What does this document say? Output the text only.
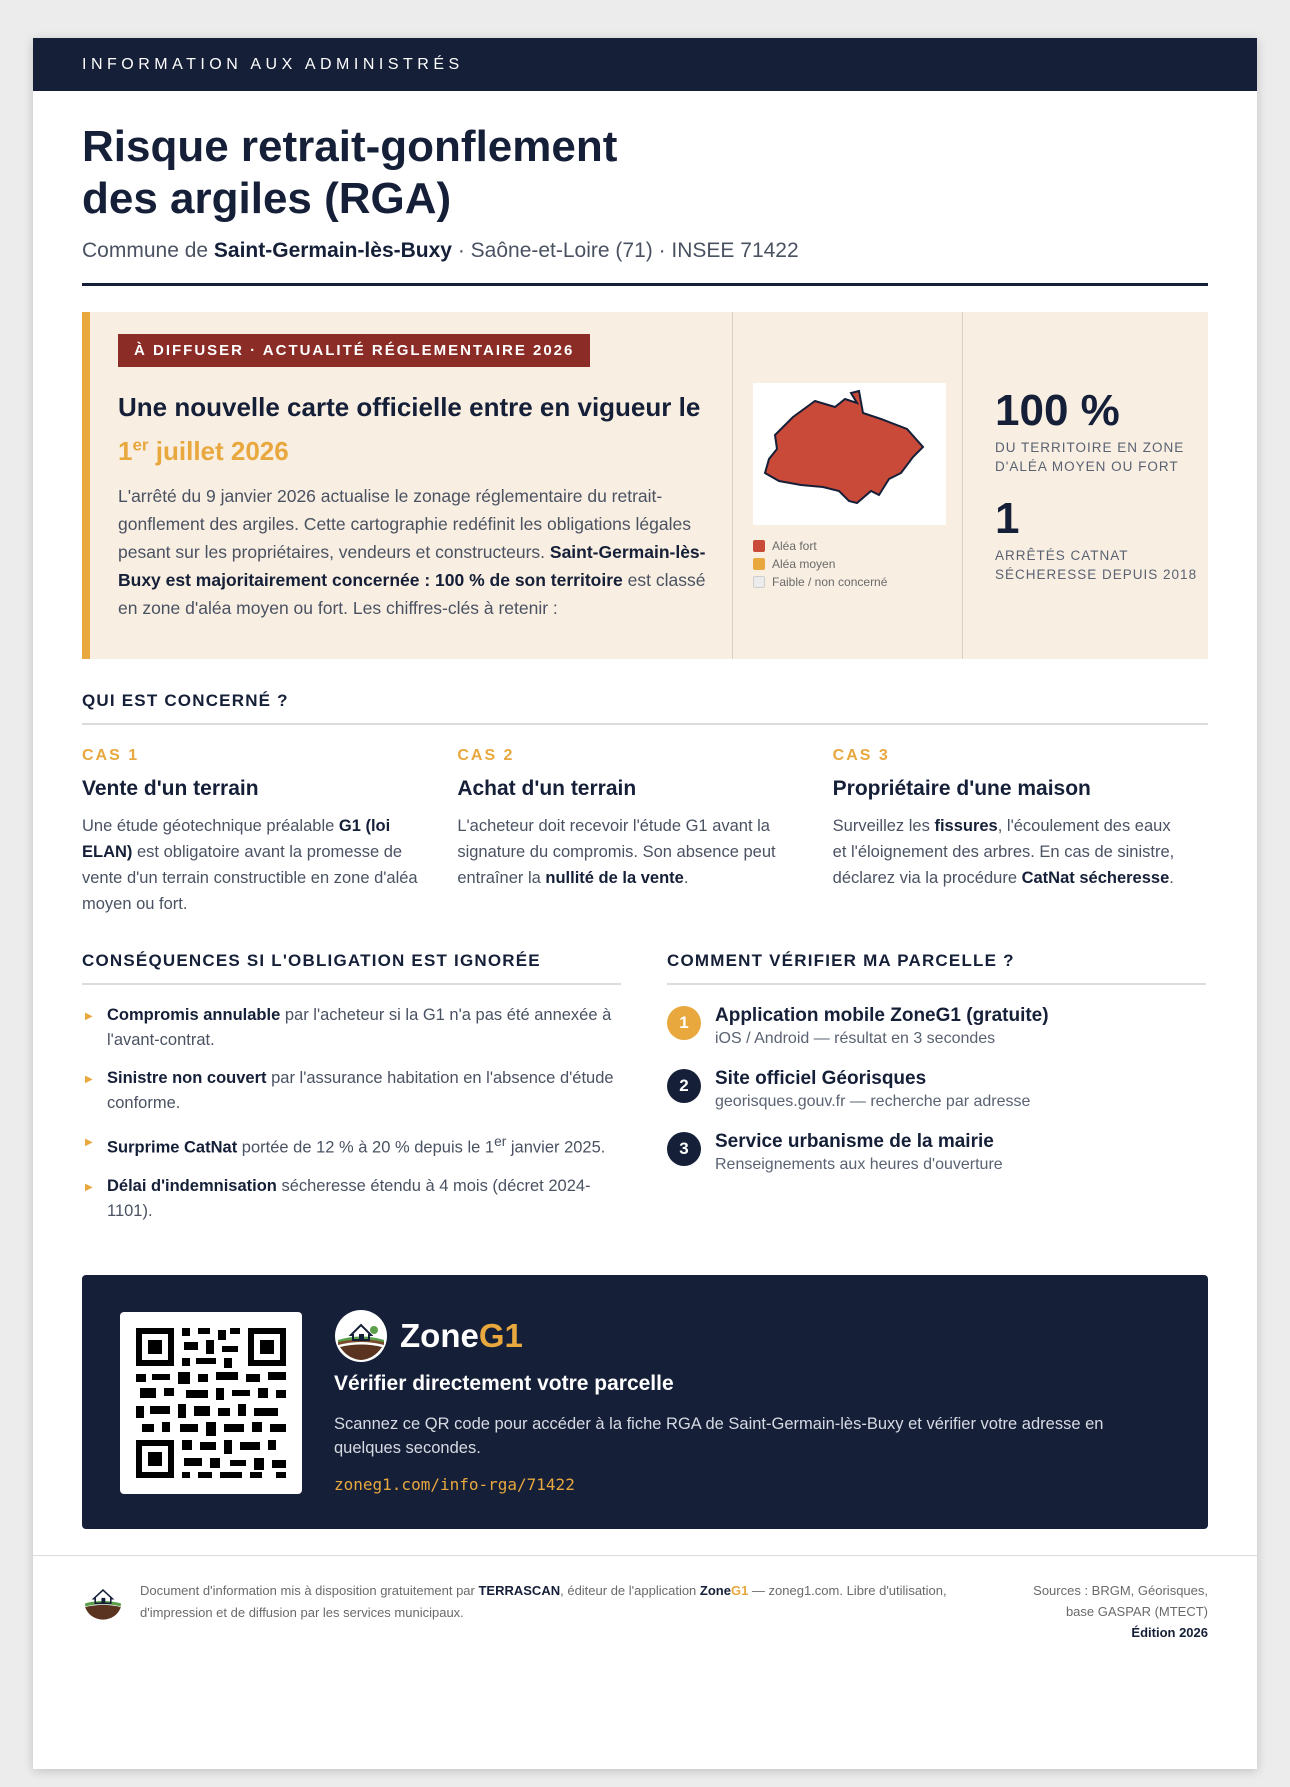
INFORMATION AUX ADMINISTRÉS
Risque retrait-gonflement des argiles (RGA)
Commune de Saint-Germain-lès-Buxy · Saône-et-Loire (71) · INSEE 71422
À DIFFUSER · ACTUALITÉ RÉGLEMENTAIRE 2026
Une nouvelle carte officielle entre en vigueur le 1er juillet 2026

L'arrêté du 9 janvier 2026 actualise le zonage réglementaire du retrait-gonflement des argiles. Cette cartographie redéfinit les obligations légales pesant sur les propriétaires, vendeurs et constructeurs. Saint-Germain-lès-Buxy est majoritairement concernée : 100 % de son territoire est classé en zone d'aléa moyen ou fort. Les chiffres-clés à retenir :

Aléa fort
Aléa moyen
Faible / non concerné
100 %
DU TERRITOIRE EN ZONE
D'ALÉA MOYEN OU FORT
1
ARRÊTÉS CATNAT
SÉCHERESSE DEPUIS 2018
QUI EST CONCERNÉ ?
CAS 1
Vente d'un terrain

Une étude géotechnique préalable G1 (loi ELAN) est obligatoire avant la promesse de vente d'un terrain constructible en zone d'aléa moyen ou fort.

CAS 2
Achat d'un terrain

L'acheteur doit recevoir l'étude G1 avant la signature du compromis. Son absence peut entraîner la nullité de la vente.

CAS 3
Propriétaire d'une maison

Surveillez les fissures, l'écoulement des eaux et l'éloignement des arbres. En cas de sinistre, déclarez via la procédure CatNat sécheresse.

CONSÉQUENCES SI L'OBLIGATION EST IGNORÉE
▶ Compromis annulable par l'acheteur si la G1 n'a pas été annexée à l'avant-contrat.
▶ Sinistre non couvert par l'assurance habitation en l'absence d'étude conforme.
▶ Surprime CatNat portée de 12 % à 20 % depuis le 1er janvier 2025.
▶ Délai d'indemnisation sécheresse étendu à 4 mois (décret 2024-1101).
COMMENT VÉRIFIER MA PARCELLE ?
1	Application mobile ZoneG1 (gratuite)
iOS / Android — résultat en 3 secondes
2	Site officiel Géorisques
georisques.gouv.fr — recherche par adresse
3	Service urbanisme de la mairie
Renseignements aux heures d'ouverture
ZoneG1
Vérifier directement votre parcelle

Scannez ce QR code pour accéder à la fiche RGA de Saint-Germain-lès-Buxy et vérifier votre adresse en quelques secondes.

zoneg1.com/info-rga/71422
Document d'information mis à disposition gratuitement par TERRASCAN, éditeur de l'application ZoneG1 — zoneg1.com. Libre d'utilisation, d'impression et de diffusion par les services municipaux.
Sources : BRGM, Géorisques,
base GASPAR (MTECT)
Édition 2026
